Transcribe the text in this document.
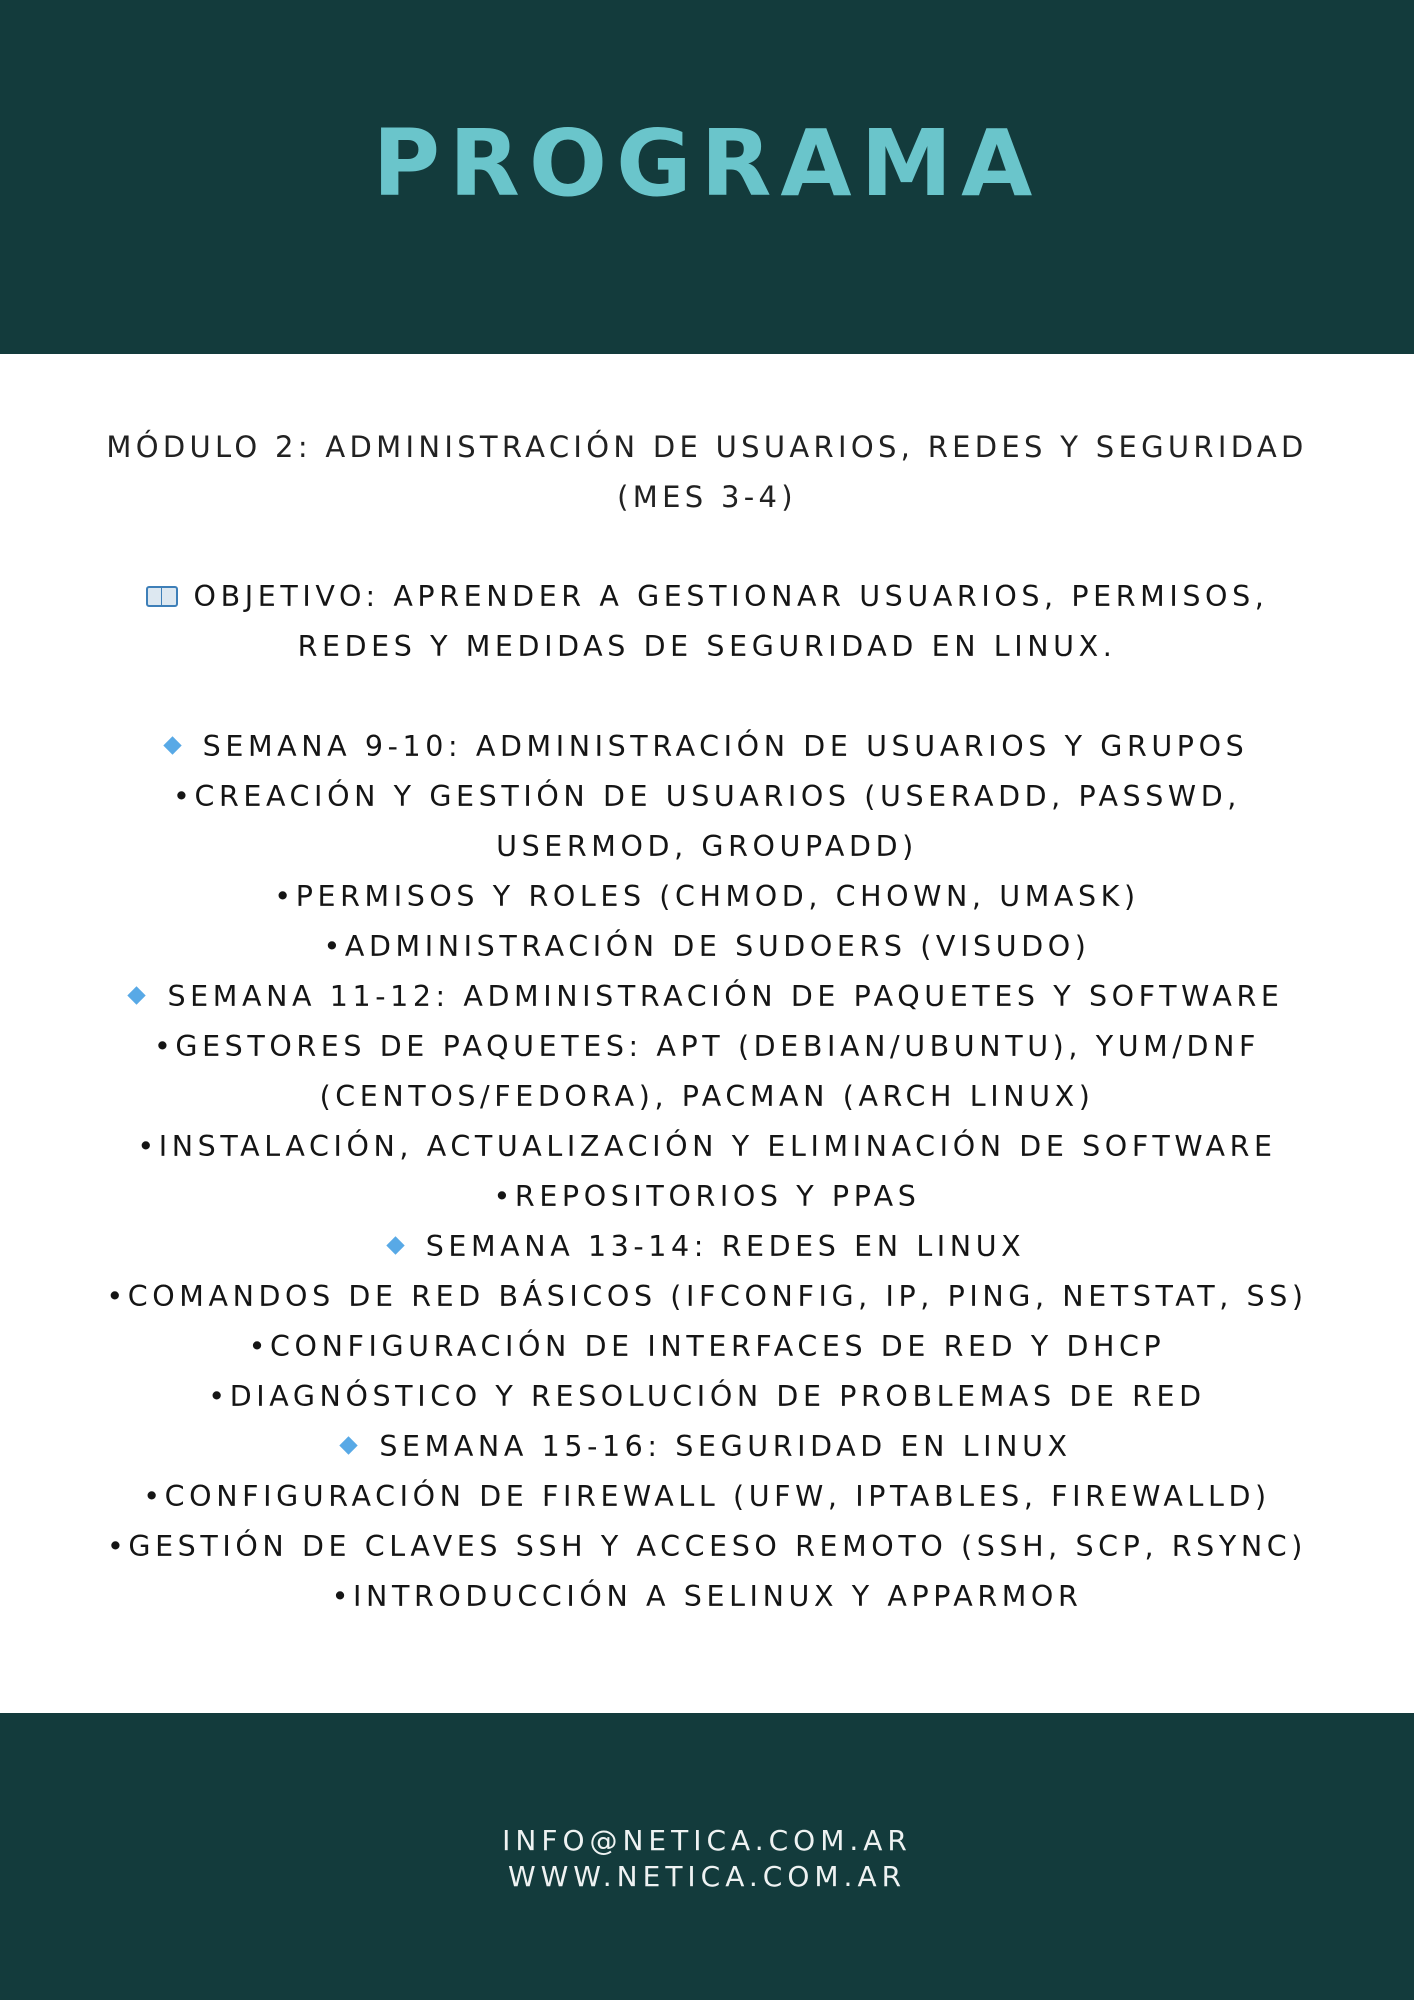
PROGRAMA
MÓDULO 2: ADMINISTRACIÓN DE USUARIOS, REDES Y SEGURIDAD
(MES 3-4)
OBJETIVO: APRENDER A GESTIONAR USUARIOS, PERMISOS,
REDES Y MEDIDAS DE SEGURIDAD EN LINUX.
SEMANA 9-10: ADMINISTRACIÓN DE USUARIOS Y GRUPOS
•CREACIÓN Y GESTIÓN DE USUARIOS (USERADD, PASSWD,
USERMOD, GROUPADD)
•PERMISOS Y ROLES (CHMOD, CHOWN, UMASK)
•ADMINISTRACIÓN DE SUDOERS (VISUDO)
SEMANA 11-12: ADMINISTRACIÓN DE PAQUETES Y SOFTWARE
•GESTORES DE PAQUETES: APT (DEBIAN/UBUNTU), YUM/DNF
(CENTOS/FEDORA), PACMAN (ARCH LINUX)
•INSTALACIÓN, ACTUALIZACIÓN Y ELIMINACIÓN DE SOFTWARE
•REPOSITORIOS Y PPAS
SEMANA 13-14: REDES EN LINUX
•COMANDOS DE RED BÁSICOS (IFCONFIG, IP, PING, NETSTAT, SS)
•CONFIGURACIÓN DE INTERFACES DE RED Y DHCP
•DIAGNÓSTICO Y RESOLUCIÓN DE PROBLEMAS DE RED
SEMANA 15-16: SEGURIDAD EN LINUX
•CONFIGURACIÓN DE FIREWALL (UFW, IPTABLES, FIREWALLD)
•GESTIÓN DE CLAVES SSH Y ACCESO REMOTO (SSH, SCP, RSYNC)
•INTRODUCCIÓN A SELINUX Y APPARMOR
INFO@NETICA.COM.AR
WWW.NETICA.COM.AR
